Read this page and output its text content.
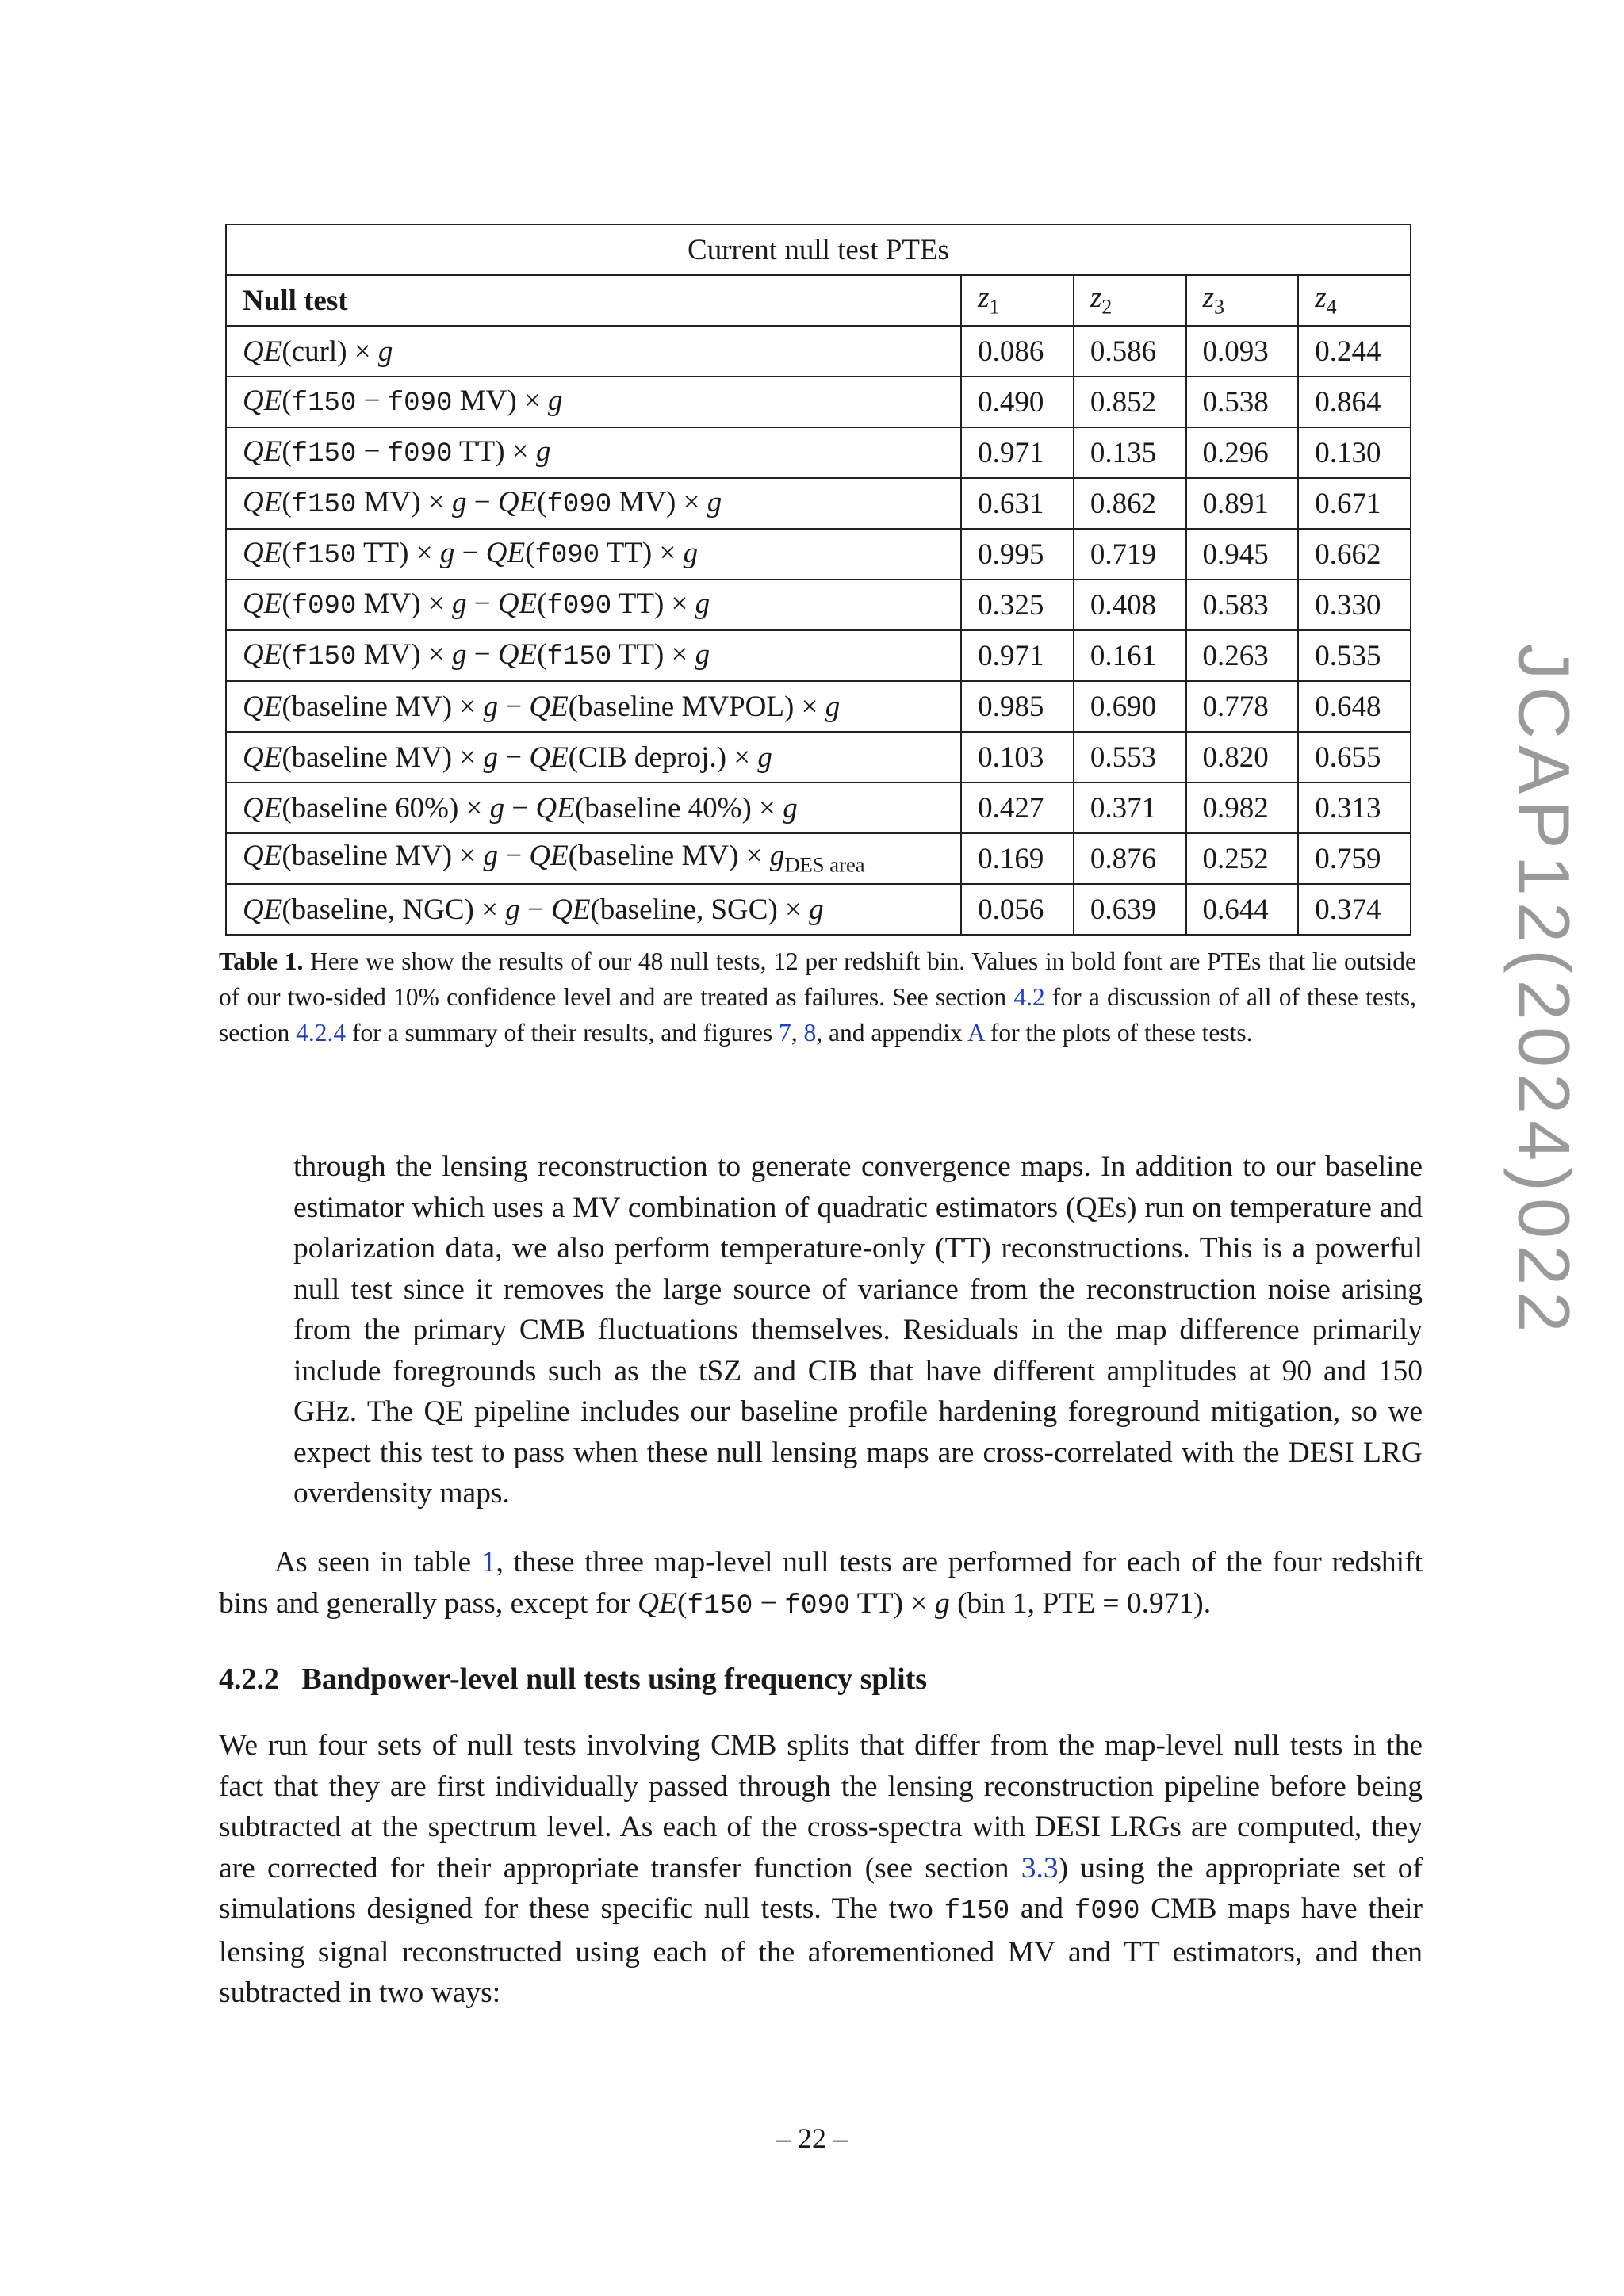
JCAP12(2024)022
Current null test PTEs				
Null test	$z_1$	$z_2$	$z_3$	$z_4$
QE(curl) × g	0.086	0.586	0.093	0.244
QE(f150 − f090 MV) × g	0.490	0.852	0.538	0.864
QE(f150 − f090 TT) × g	0.971	0.135	0.296	0.130
QE(f150 MV) × g − QE(f090 MV) × g	0.631	0.862	0.891	0.671
QE(f150 TT) × g − QE(f090 TT) × g	0.995	0.719	0.945	0.662
QE(f090 MV) × g − QE(f090 TT) × g	0.325	0.408	0.583	0.330
QE(f150 MV) × g − QE(f150 TT) × g	0.971	0.161	0.263	0.535
QE(baseline MV) × g − QE(baseline MVPOL) × g	0.985	0.690	0.778	0.648
QE(baseline MV) × g − QE(CIB deproj.) × g	0.103	0.553	0.820	0.655
QE(baseline 60%) × g − QE(baseline 40%) × g	0.427	0.371	0.982	0.313
QE(baseline MV) × g − QE(baseline $MV) \times g_{DES area}$	0.169	0.876	0.252	0.759
QE(baseline, NGC) × g − QE(baseline, SGC) × g	0.056	0.639	0.644	0.374
Table 1. Here we show the results of our 48 null tests, 12 per redshift bin. Values in bold font are PTEs that lie outside of our two-sided 10% confidence level and are treated as failures. See section 4.2 for a discussion of all of these tests, section 4.2.4 for a summary of their results, and figures 7, 8, and appendix A for the plots of these tests.
through the lensing reconstruction to generate convergence maps. In addition to our baseline estimator which uses a MV combination of quadratic estimators (QEs) run on temperature and polarization data, we also perform temperature-only (TT) reconstructions. This is a powerful null test since it removes the large source of variance from the reconstruction noise arising from the primary CMB fluctuations themselves. Residuals in the map difference primarily include foregrounds such as the tSZ and CIB that have different amplitudes at 90 and 150 GHz. The QE pipeline includes our baseline profile hardening foreground mitigation, so we expect this test to pass when these null lensing maps are cross-correlated with the DESI LRG overdensity maps.
As seen in table 1, these three map-level null tests are performed for each of the four redshift bins and generally pass, except for QE(f150 − f090 TT) × g (bin 1, PTE = 0.971).
4.2.2 Bandpower-level null tests using frequency splits
We run four sets of null tests involving CMB splits that differ from the map-level null tests in the fact that they are first individually passed through the lensing reconstruction pipeline before being subtracted at the spectrum level. As each of the cross-spectra with DESI LRGs are computed, they are corrected for their appropriate transfer function (see section 3.3) using the appropriate set of simulations designed for these specific null tests. The two f150 and f090 CMB maps have their lensing signal reconstructed using each of the aforementioned MV and TT estimators, and then subtracted in two ways:
– 22 –
